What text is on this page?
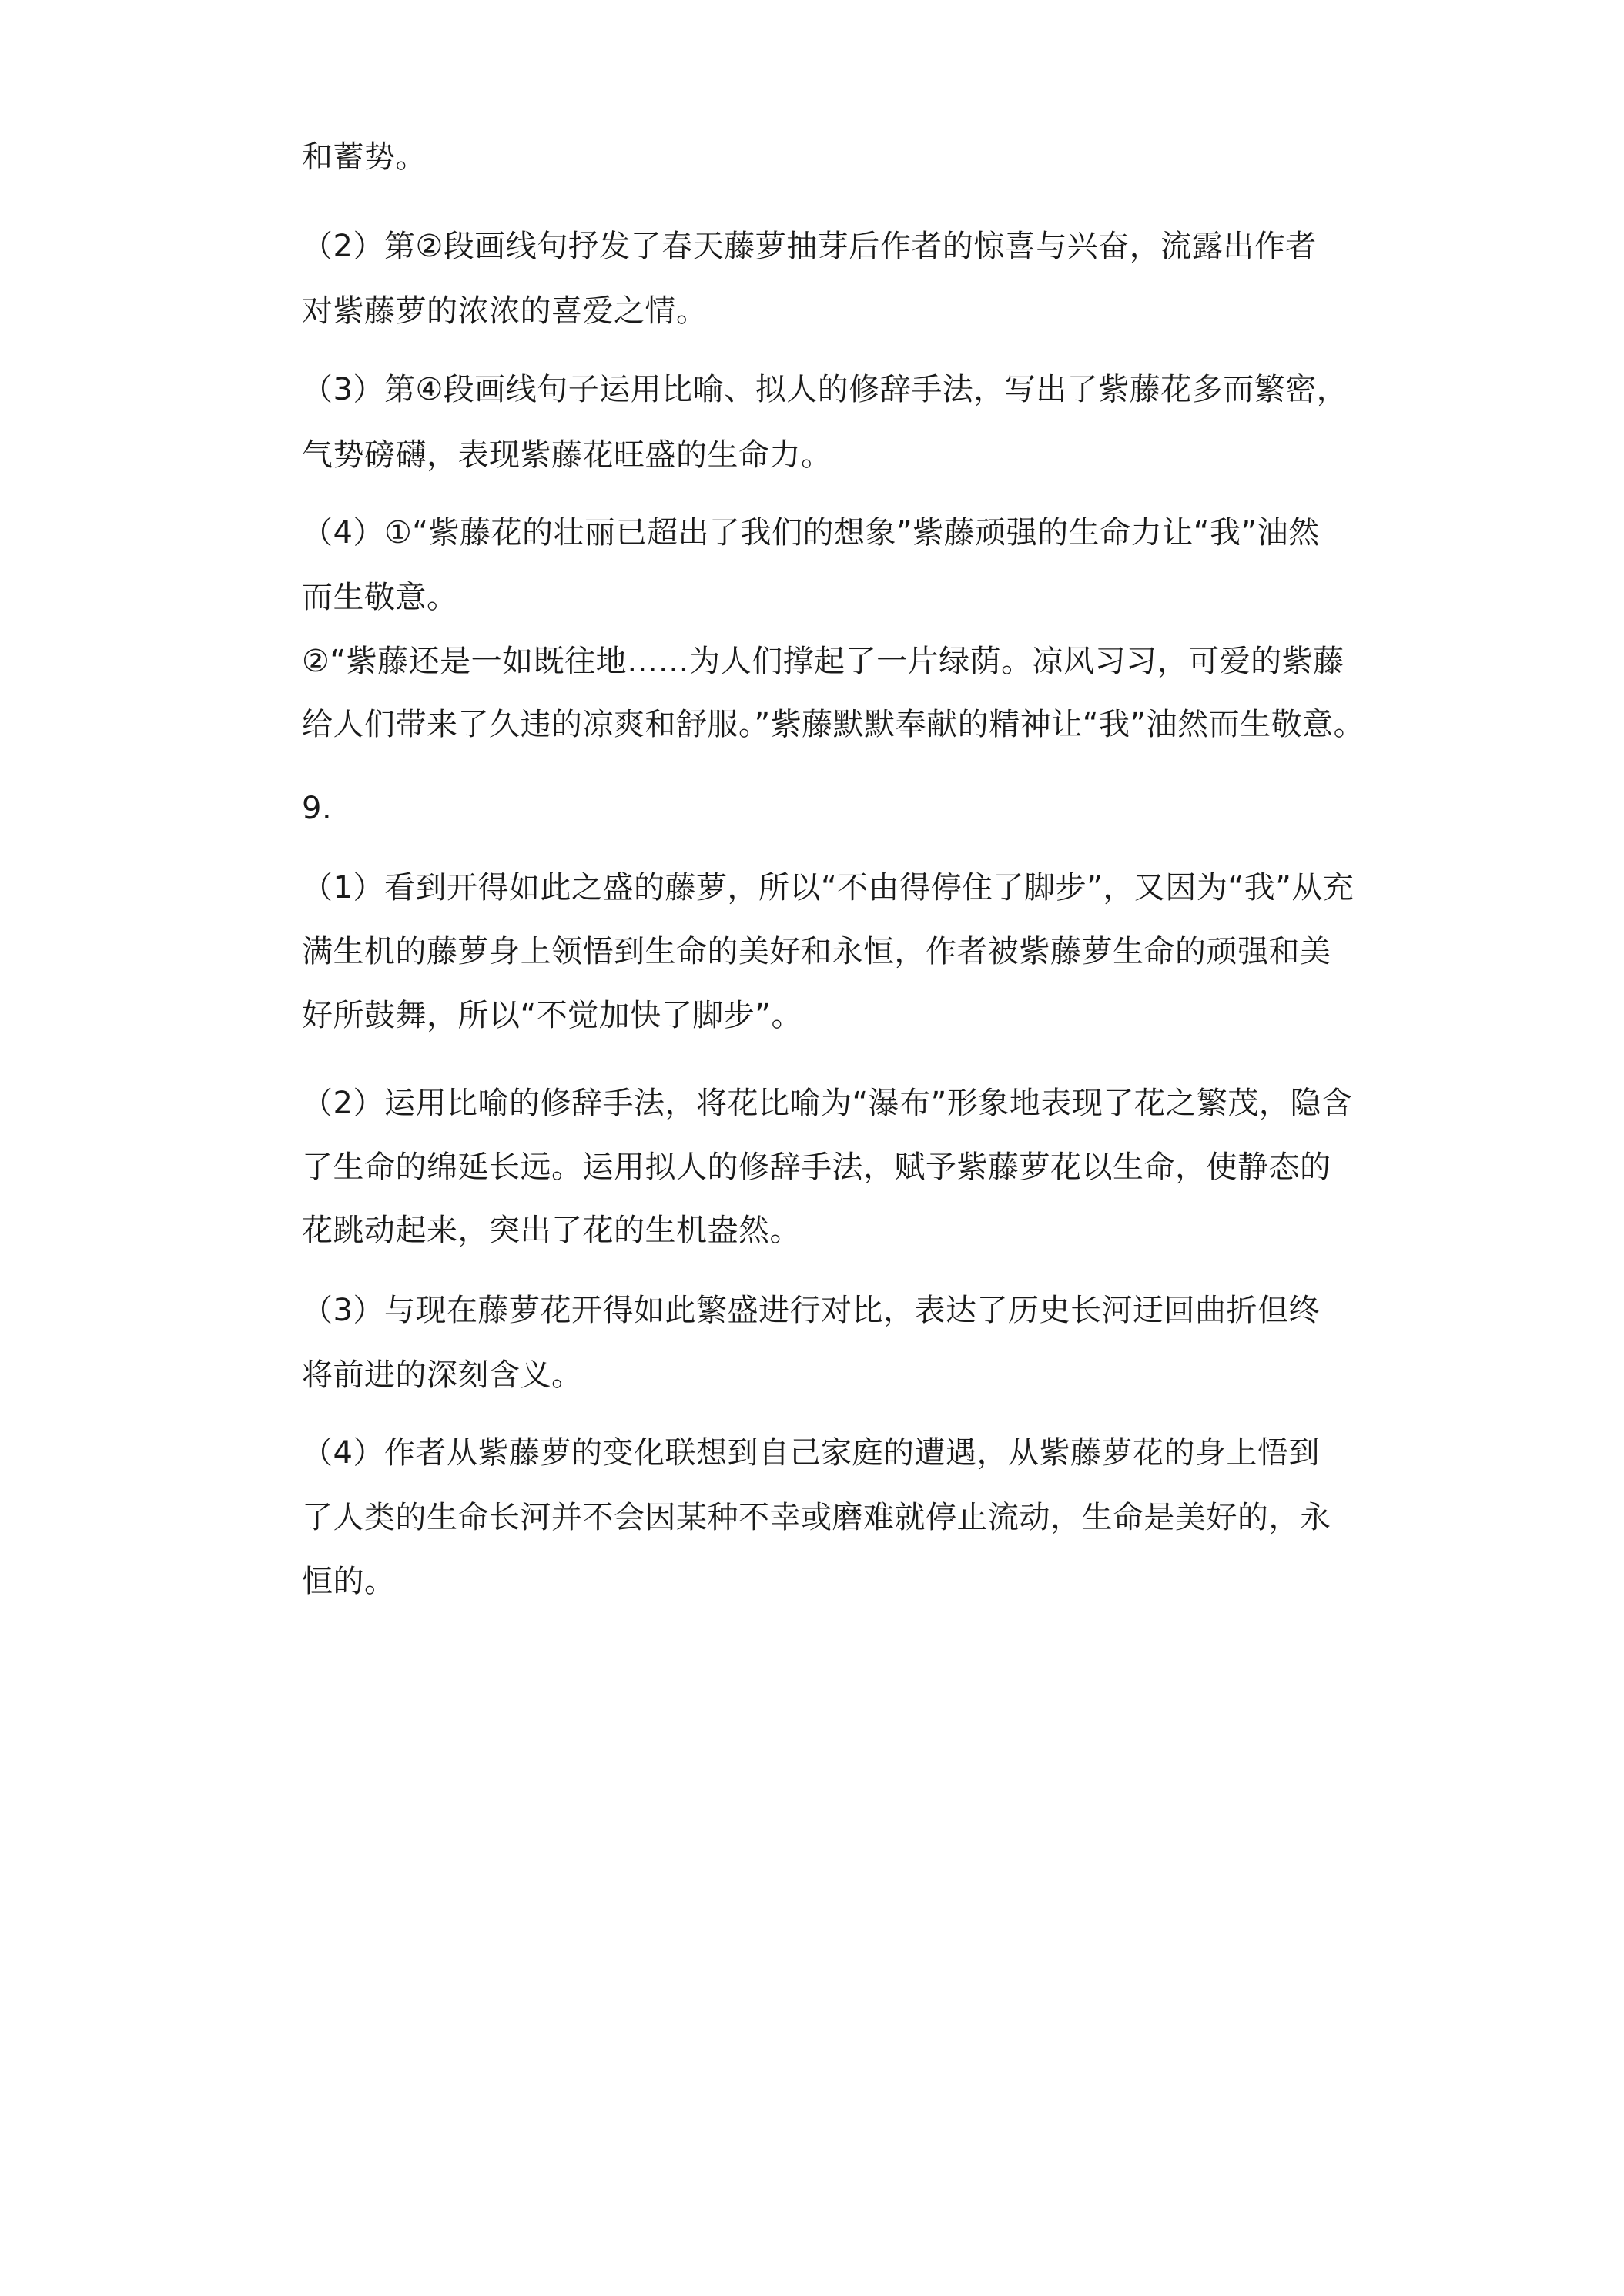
和蓄势。
（2）第②段画线句抒发了春天藤萝抽芽后作者的惊喜与兴奋，流露出作者
对紫藤萝的浓浓的喜爱之情。
（3）第④段画线句子运用比喻、拟人的修辞手法，写出了紫藤花多而繁密，
气势磅礴，表现紫藤花旺盛的生命力。
（4）①“紫藤花的壮丽已超出了我们的想象”紫藤顽强的生命力让“我”油然
而生敬意。
②“紫藤还是一如既往地……为人们撑起了一片绿荫。凉风习习，可爱的紫藤
给人们带来了久违的凉爽和舒服。”紫藤默默奉献的精神让“我”油然而生敬意。
9.
（1）看到开得如此之盛的藤萝，所以“不由得停住了脚步”，又因为“我”从充
满生机的藤萝身上领悟到生命的美好和永恒，作者被紫藤萝生命的顽强和美
好所鼓舞，所以“不觉加快了脚步”。
（2）运用比喻的修辞手法，将花比喻为“瀑布”形象地表现了花之繁茂，隐含
了生命的绵延长远。运用拟人的修辞手法，赋予紫藤萝花以生命，使静态的
花跳动起来，突出了花的生机盎然。
（3）与现在藤萝花开得如此繁盛进行对比，表达了历史长河迂回曲折但终
将前进的深刻含义。
（4）作者从紫藤萝的变化联想到自己家庭的遭遇，从紫藤萝花的身上悟到
了人类的生命长河并不会因某种不幸或磨难就停止流动，生命是美好的，永
恒的。
